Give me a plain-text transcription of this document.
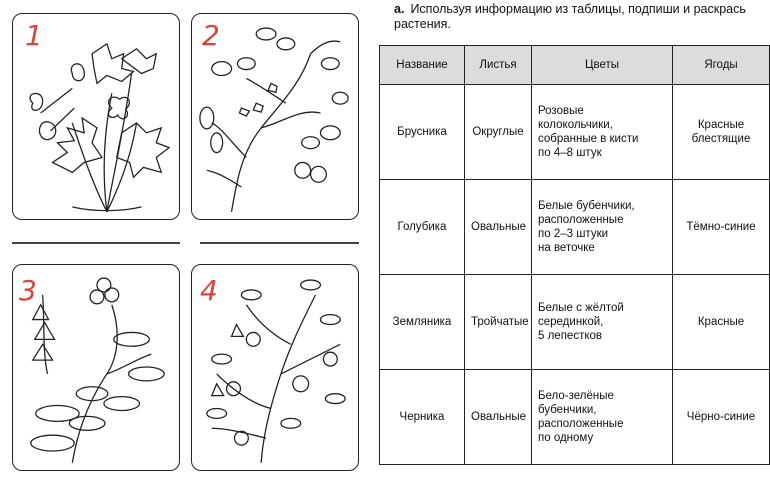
1	2
3	4
а. Используя информацию из таблицы, подпиши и раскрась
растения.
Название	Листья	Цветы	Ягоды
Брусника	Округлые	Розовые
колокольчики,
собранные в кисти
по 4–8 штук	Красные
блестящие
Голубика	Овальные	Белые бубенчики,
расположенные
по 2–3 штуки
на веточке	Тёмно-синие
Земляника	Тройчатые	Белые с жёлтой
серединкой,
5 лепестков	Красные
Черника	Овальные	Бело-зелёные
бубенчики,
расположенные
по одному	Чёрно-синие
